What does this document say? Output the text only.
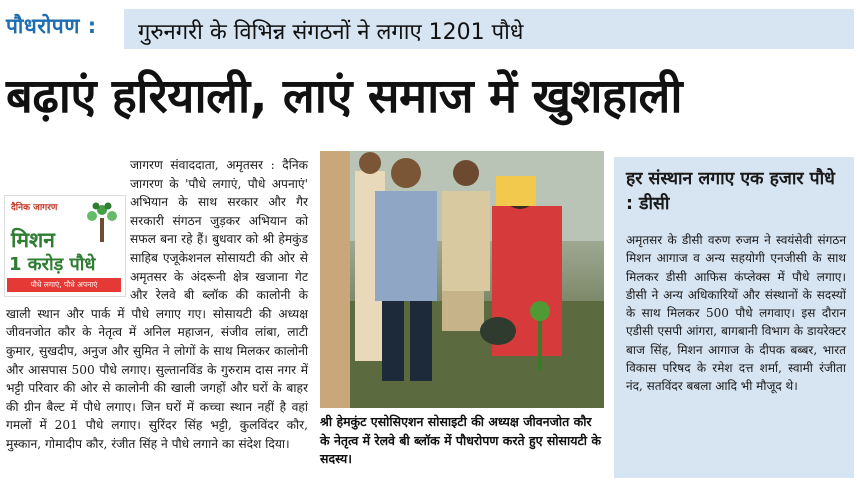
पौधरोपण : गुरुनगरी के विभिन्न संगठनों ने लगाए 1201 पौधे
बढ़ाएं हरियाली, लाएं समाज में खुशहाली
दैनिक जागरण
मिशन
1 करोड़ पौधे
पौधे लगाएं, पौधे अपनाएं
जागरण संवाददाता, अमृतसर : दैनिक जागरण के 'पौधे लगाएं, पौधे अपनाएं' अभियान के साथ सरकार और गैर सरकारी संगठन जुड़कर अभियान को सफल बना रहे हैं। बुधवार को श्री हेमकुंड साहिब एजूकेशनल सोसायटी की ओर से अमृतसर के अंदरूनी क्षेत्र खजाना गेट और रेलवे बी ब्लॉक की कालोनी के खाली स्थान और पार्क में पौधे लगाए गए। सोसायटी की अध्यक्ष जीवनजोत कौर के नेतृत्व में अनिल महाजन, संजीव लांबा, लाटी कुमार, सुखदीप, अनुज और सुमित ने लोगों के साथ मिलकर कालोनी और आसपास 500 पौधे लगाए। सुल्तानविंड के गुरुराम दास नगर में भट्टी परिवार की ओर से कालोनी की खाली जगहों और घरों के बाहर की ग्रीन बैल्ट में पौधे लगाए। जिन घरों में कच्चा स्थान नहीं है वहां गमलों में 201 पौधे लगाए। सुरिंदर सिंह भट्टी, कुलविंदर कौर, मुस्कान, गोमादीप कौर, रंजीत सिंह ने पौधे लगाने का संदेश दिया।
श्री हेमकुंट एसोसिएशन सोसाइटी की अध्यक्ष जीवनजोत कौर के नेतृत्व में रेलवे बी ब्लॉक में पौधरोपण करते हुए सोसायटी के सदस्य।
हर संस्थान लगाए एक हजार पौधे : डीसी
अमृतसर के डीसी वरुण रुजम ने स्वयंसेवी संगठन मिशन आगाज व अन्य सहयोगी एनजीसी के साथ मिलकर डीसी आफिस कंप्लेक्स में पौधे लगाए। डीसी ने अन्य अधिकारियों और संस्थानों के सदस्यों के साथ मिलकर 500 पौधे लगवाए। इस दौरान एडीसी एसपी आंगरा, बागबानी विभाग के डायरेक्टर बाज सिंह, मिशन आगाज के दीपक बब्बर, भारत विकास परिषद के रमेश दत्त शर्मा, स्वामी रंजीता नंद, सतविंदर बबला आदि भी मौजूद थे।
